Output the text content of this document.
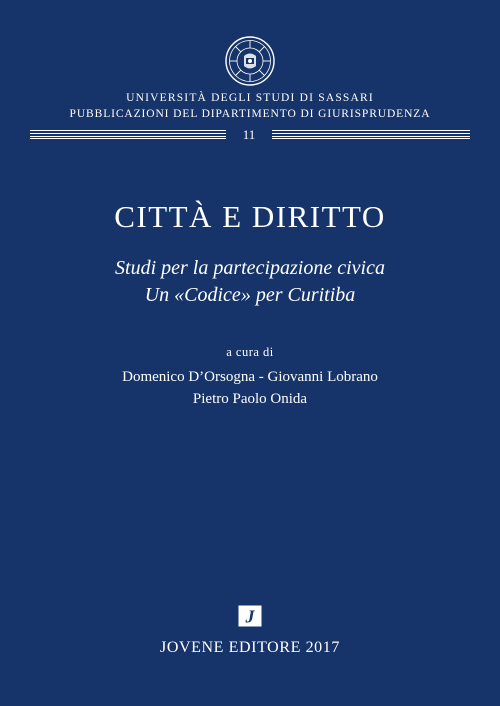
UNIVERSITÀ DEGLI STUDI DI SASSARI
PUBBLICAZIONI DEL DIPARTIMENTO DI GIURISPRUDENZA
11
CITTÀ E DIRITTO
Studi per la partecipazione civica
Un «Codice» per Curitiba
a cura di
Domenico D’Orsogna - Giovanni Lobrano
Pietro Paolo Onida
J
JOVENE EDITORE 2017
